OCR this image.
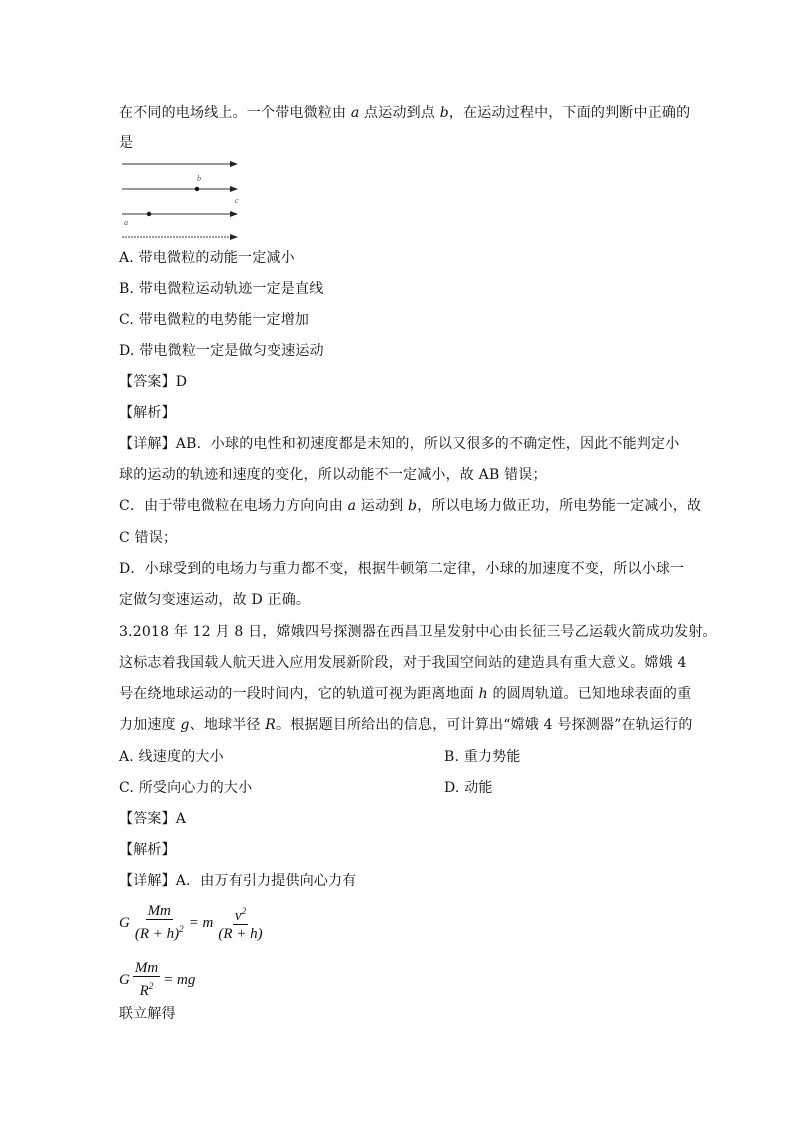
在不同的电场线上。一个带电微粒由 a 点运动到点 b，在运动过程中，下面的判断中正确的
是
b
a
c
A. 带电微粒的动能一定减小
B. 带电微粒运动轨迹一定是直线
C. 带电微粒的电势能一定增加
D. 带电微粒一定是做匀变速运动
【答案】D
【解析】
【详解】AB．小球的电性和初速度都是未知的，所以又很多的不确定性，因此不能判定小
球的运动的轨迹和速度的变化，所以动能不一定减小，故 AB 错误；
C．由于带电微粒在电场力方向向由 a 运动到 b，所以电场力做正功，所电势能一定减小，故
C 错误；
D．小球受到的电场力与重力都不变，根据牛顿第二定律，小球的加速度不变，所以小球一
定做匀变速运动，故 D 正确。
3.2018 年 12 月 8 日，嫦娥四号探测器在西昌卫星发射中心由长征三号乙运载火箭成功发射。
这标志着我国载人航天进入应用发展新阶段，对于我国空间站的建造具有重大意义。嫦娥 4
号在绕地球运动的一段时间内，它的轨道可视为距离地面 h 的圆周轨道。已知地球表面的重
力加速度 g、地球半径 R。根据题目所给出的信息，可计算出“嫦娥 4 号探测器”在轨运行的
A. 线速度的大小	B. 重力势能
C. 所受向心力的大小	D. 动能
【答案】A
【解析】
【详解】A．由万有引力提供向心力有
G $\frac{Mm}{(R + h)^2} = m \frac{v^2}{(R + h)}$
G $\frac{Mm}{R^2}$ = mg
联立解得
